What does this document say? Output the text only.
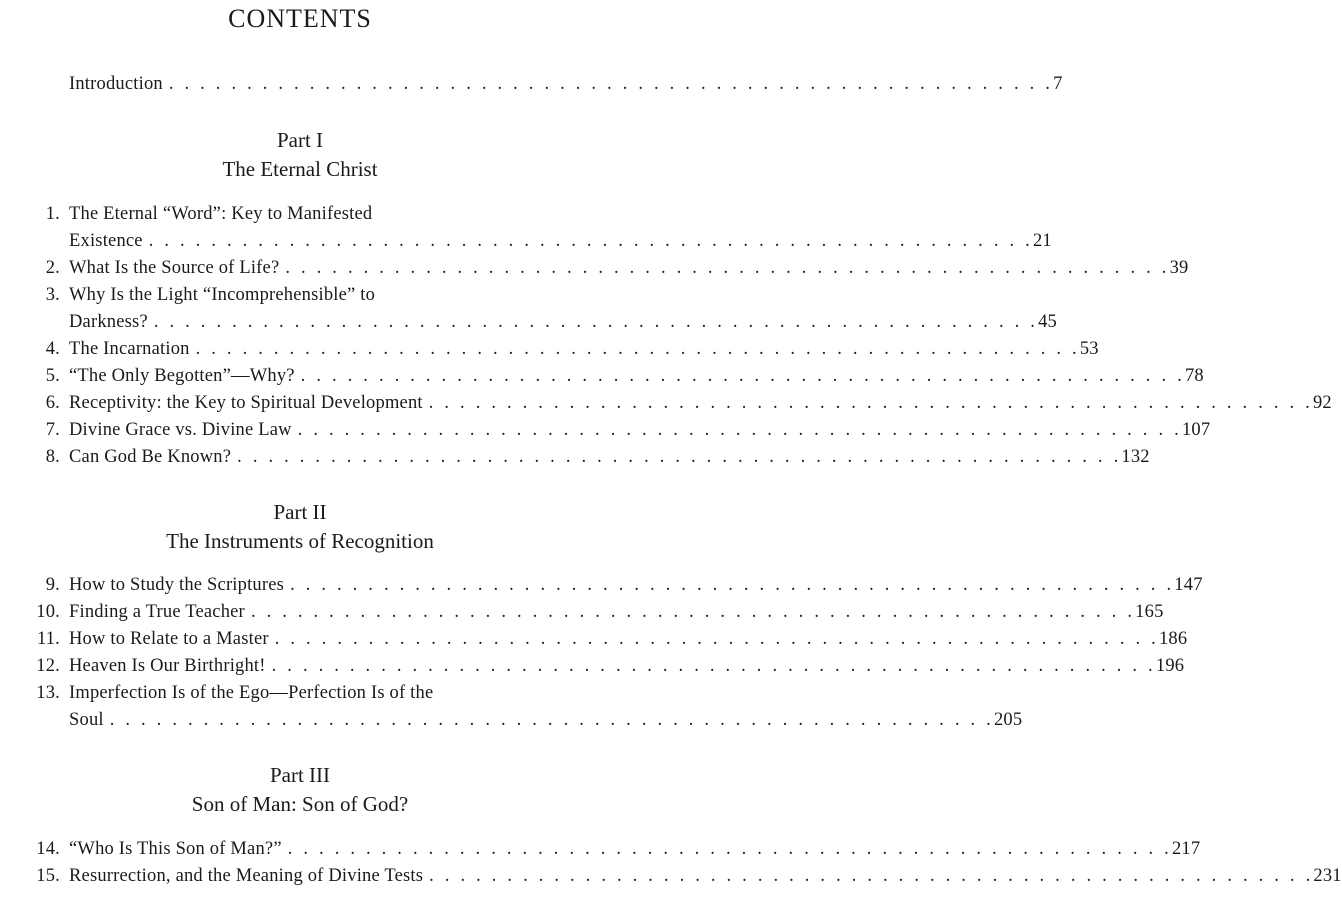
CONTENTS
Introduction . . . . . . . . . . . . . . . . . . . . . . . . . . . . . . . . . . . . . . . . . . . . . . . . . . . . . . . . . 7
Part I
The Eternal Christ
1. The Eternal “Word”: Key to Manifested
Existence . . . . . . . . . . . . . . . . . . . . . . . . . . . . . . . . . . . . . . . . . . . . . . . . . . . . . . . . . 21
2. What Is the Source of Life? . . . . . . . . . . . . . . . . . . . . . . . . . . . . . . . . . . . . . . . . . . . . . . . . . . . . . . . . . 39
3. Why Is the Light “Incomprehensible” to
Darkness? . . . . . . . . . . . . . . . . . . . . . . . . . . . . . . . . . . . . . . . . . . . . . . . . . . . . . . . . . 45
4. The Incarnation . . . . . . . . . . . . . . . . . . . . . . . . . . . . . . . . . . . . . . . . . . . . . . . . . . . . . . . . . 53
5. “The Only Begotten”—Why? . . . . . . . . . . . . . . . . . . . . . . . . . . . . . . . . . . . . . . . . . . . . . . . . . . . . . . . . . 78
6. Receptivity: the Key to Spiritual Development . . . . . . . . . . . . . . . . . . . . . . . . . . . . . . . . . . . . . . . . . . . . . . . . . . . . . . . . . 92
7. Divine Grace vs. Divine Law . . . . . . . . . . . . . . . . . . . . . . . . . . . . . . . . . . . . . . . . . . . . . . . . . . . . . . . . . 107
8. Can God Be Known? . . . . . . . . . . . . . . . . . . . . . . . . . . . . . . . . . . . . . . . . . . . . . . . . . . . . . . . . . 132
Part II
The Instruments of Recognition
9. How to Study the Scriptures . . . . . . . . . . . . . . . . . . . . . . . . . . . . . . . . . . . . . . . . . . . . . . . . . . . . . . . . . 147
10. Finding a True Teacher . . . . . . . . . . . . . . . . . . . . . . . . . . . . . . . . . . . . . . . . . . . . . . . . . . . . . . . . . 165
11. How to Relate to a Master . . . . . . . . . . . . . . . . . . . . . . . . . . . . . . . . . . . . . . . . . . . . . . . . . . . . . . . . . 186
12. Heaven Is Our Birthright! . . . . . . . . . . . . . . . . . . . . . . . . . . . . . . . . . . . . . . . . . . . . . . . . . . . . . . . . . 196
13. Imperfection Is of the Ego—Perfection Is of the
Soul . . . . . . . . . . . . . . . . . . . . . . . . . . . . . . . . . . . . . . . . . . . . . . . . . . . . . . . . . 205
Part III
Son of Man: Son of God?
14. “Who Is This Son of Man?” . . . . . . . . . . . . . . . . . . . . . . . . . . . . . . . . . . . . . . . . . . . . . . . . . . . . . . . . . 217
15. Resurrection, and the Meaning of Divine Tests . . . . . . . . . . . . . . . . . . . . . . . . . . . . . . . . . . . . . . . . . . . . . . . . . . . . . . . . . 231
